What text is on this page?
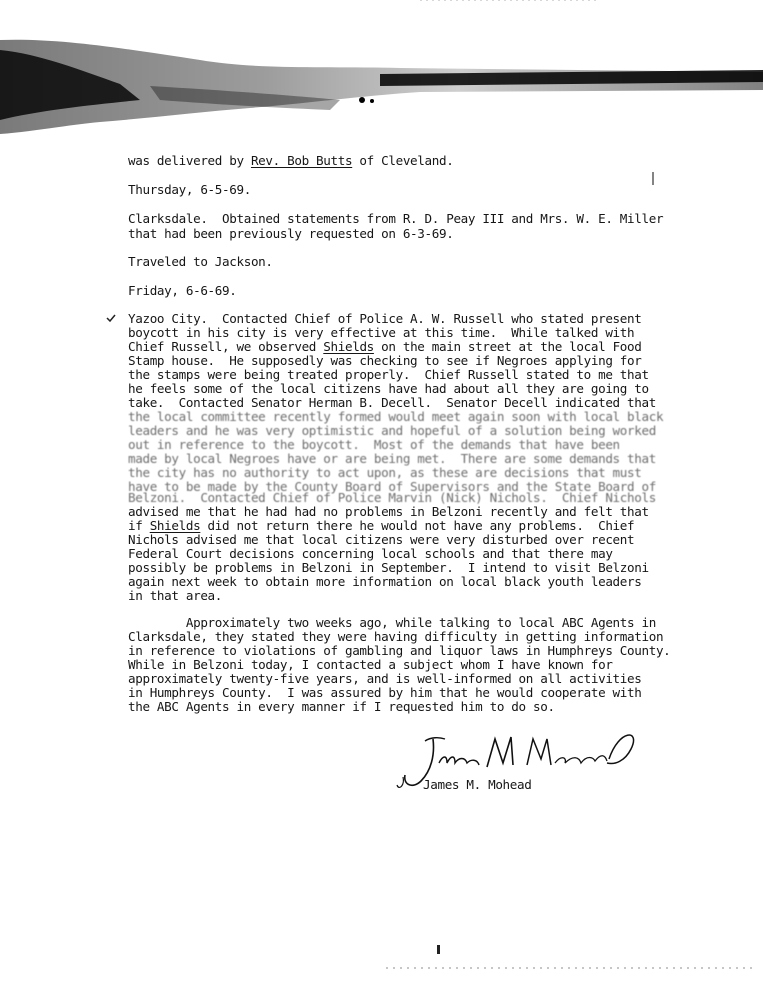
was delivered by Rev. Bob Butts of Cleveland.
Thursday, 6-5-69.
Clarksdale.  Obtained statements from R. D. Peay III and Mrs. W. E. Miller
that had been previously requested on 6-3-69.
Traveled to Jackson.
Friday, 6-6-69.
Yazoo City.  Contacted Chief of Police A. W. Russell who stated present
boycott in his city is very effective at this time.  While talked with
Chief Russell, we observed Shields on the main street at the local Food
Stamp house.  He supposedly was checking to see if Negroes applying for
the stamps were being treated properly.  Chief Russell stated to me that
he feels some of the local citizens have had about all they are going to
take.  Contacted Senator Herman B. Decell.  Senator Decell indicated that
the local committee recently formed would meet again soon with local black
leaders and he was very optimistic and hopeful of a solution being worked
out in reference to the boycott.  Most of the demands that have been
made by local Negroes have or are being met.  There are some demands that
the city has no authority to act upon, as these are decisions that must
have to be made by the County Board of Supervisors and the State Board of
Belzoni.  Contacted Chief of Police Marvin (Nick) Nichols.  Chief Nichols
advised me that he had had no problems in Belzoni recently and felt that
if Shields did not return there he would not have any problems.  Chief
Nichols advised me that local citizens were very disturbed over recent
Federal Court decisions concerning local schools and that there may
possibly be problems in Belzoni in September.  I intend to visit Belzoni
again next week to obtain more information on local black youth leaders
in that area.
Approximately two weeks ago, while talking to local ABC Agents in
Clarksdale, they stated they were having difficulty in getting information
in reference to violations of gambling and liquor laws in Humphreys County.
While in Belzoni today, I contacted a subject whom I have known for
approximately twenty-five years, and is well-informed on all activities
in Humphreys County.  I was assured by him that he would cooperate with
the ABC Agents in every manner if I requested him to do so.
James M. Mohead
